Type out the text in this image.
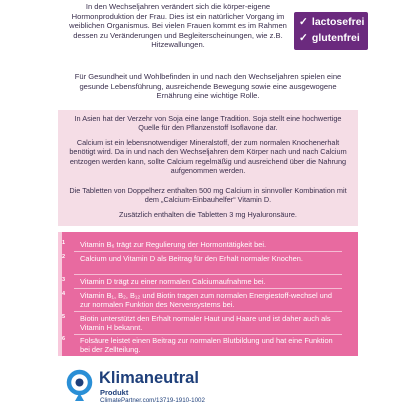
In den Wechseljahren verändert sich die körper-eigene Hormonproduktion der Frau. Dies ist ein natürlicher Vorgang im weiblichen Organismus. Bei vielen Frauen kommt es im Rahmen dessen zu Veränderungen und Begleiterscheinungen, wie z.B. Hitzewallungen.
✓ lactosefrei
✓ glutenfrei
Für Gesundheit und Wohlbefinden in und nach den Wechseljahren spielen eine gesunde Lebensführung, ausreichende Bewegung sowie eine ausgewogene Ernährung eine wichtige Rolle.

In Asien hat der Verzehr von Soja eine lange Tradition. Soja stellt eine hochwertige Quelle für den Pflanzenstoff Isoflavone dar.

Calcium ist ein lebensnotwendiger Mineralstoff, der zum normalen Knochenerhalt benötigt wird. Da in und nach den Wechseljahren dem Körper nach und nach Calcium entzogen werden kann, sollte Calcium regelmäßig und ausreichend über die Nahrung aufgenommen werden.

Die Tabletten von Doppelherz enthalten 500 mg Calcium in sinnvoller Kombination mit dem „Calcium-Einbauhelfer“ Vitamin D.

Zusätzlich enthalten die Tabletten 3 mg Hyaluronsäure.

1 Vitamin B₆ trägt zur Regulierung der Hormontätigkeit bei.
2 Calcium und Vitamin D als Beitrag für den Erhalt normaler Knochen.
3 Vitamin D trägt zu einer normalen Calciumaufnahme bei.
4 Vitamin B₁, B₂, B₁₂ und Biotin tragen zum normalen Energiestoff-wechsel und zur normalen Funktion des Nervensystems bei.
5 Biotin unterstützt den Erhalt normaler Haut und Haare und ist daher auch als Vitamin H bekannt.
6 Folsäure leistet einen Beitrag zur normalen Blutbildung und hat eine Funktion bei der Zellteilung.
Klimaneutral
Produkt
ClimatePartner.com/13719-1910-1002
